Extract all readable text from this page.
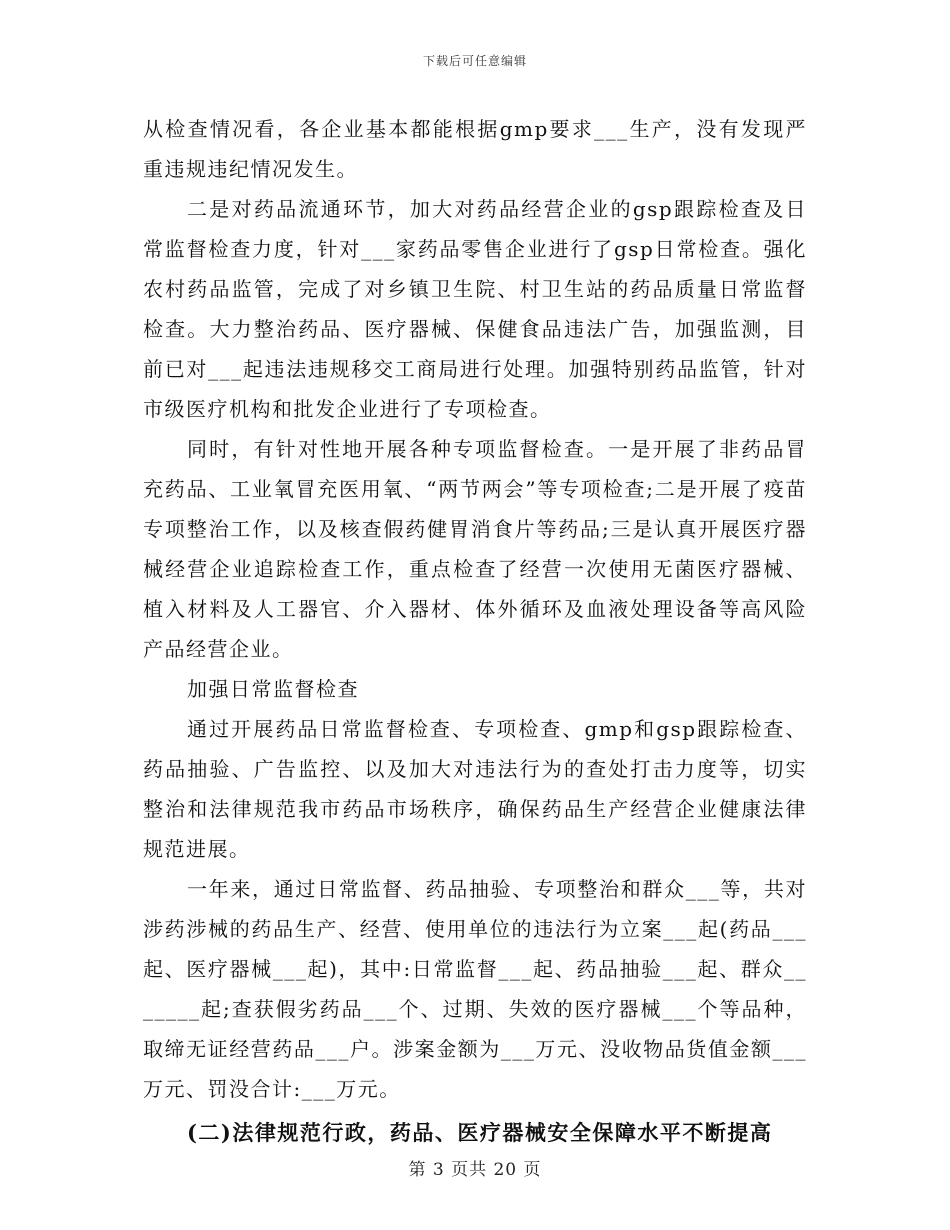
下载后可任意编辑

从检查情况看，各企业基本都能根据gmp要求___生产，没有发现严重违规违纪情况发生。

二是对药品流通环节，加大对药品经营企业的gsp跟踪检查及日常监督检查力度，针对___家药品零售企业进行了gsp日常检查。强化农村药品监管，完成了对乡镇卫生院、村卫生站的药品质量日常监督检查。大力整治药品、医疗器械、保健食品违法广告，加强监测，目前已对___起违法违规移交工商局进行处理。加强特别药品监管，针对市级医疗机构和批发企业进行了专项检查。

同时，有针对性地开展各种专项监督检查。一是开展了非药品冒充药品、工业氧冒充医用氧、“两节两会”等专项检查;二是开展了疫苗专项整治工作，以及核查假药健胃消食片等药品;三是认真开展医疗器械经营企业追踪检查工作，重点检查了经营一次使用无菌医疗器械、植入材料及人工器官、介入器材、体外循环及血液处理设备等高风险产品经营企业。

加强日常监督检查

通过开展药品日常监督检查、专项检查、gmp和gsp跟踪检查、药品抽验、广告监控、以及加大对违法行为的查处打击力度等，切实整治和法律规范我市药品市场秩序，确保药品生产经营企业健康法律规范进展。

一年来，通过日常监督、药品抽验、专项整治和群众___等，共对涉药涉械的药品生产、经营、使用单位的违法行为立案___起(药品___起、医疗器械___起)，其中:日常监督___起、药品抽验___起、群众_______起;查获假劣药品___个、过期、失效的医疗器械___个等品种，取缔无证经营药品___户。涉案金额为___万元、没收物品货值金额___万元、罚没合计:___万元。

(二)法律规范行政，药品、医疗器械安全保障水平不断提高

第 3 页共 20 页
